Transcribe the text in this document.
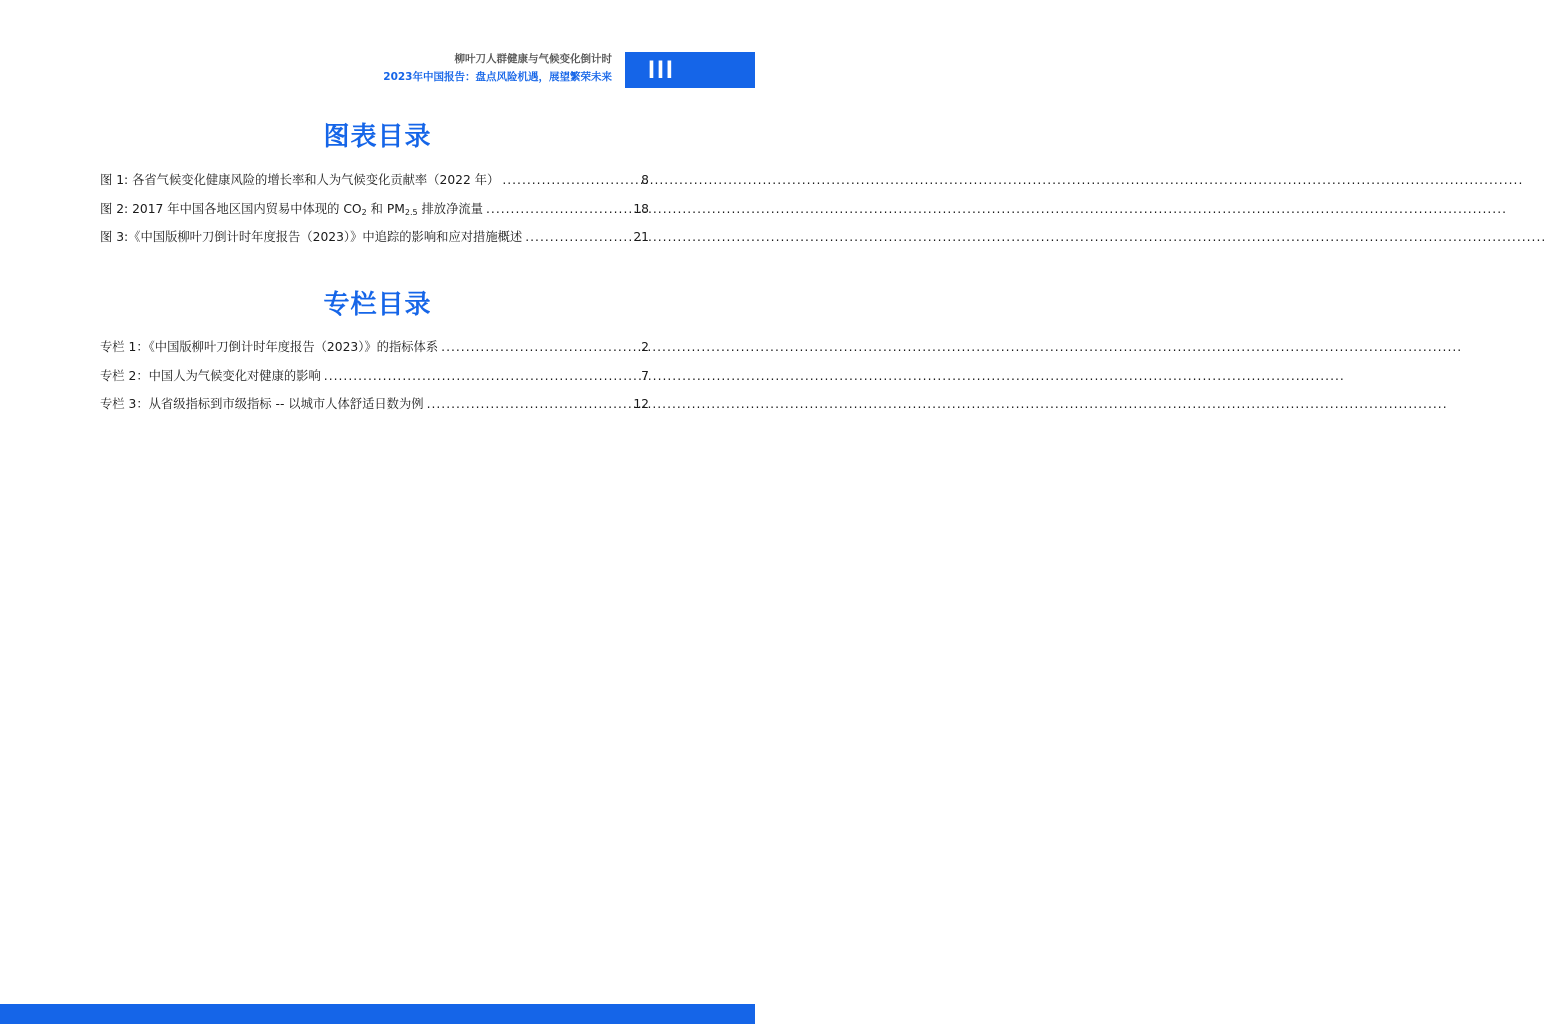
柳叶刀人群健康与气候变化倒计时
2023年中国报告：盘点风险机遇，展望繁荣未来 III
图表目录
图 1: 各省气候变化健康风险的增长率和人为气候变化贡献率（2022 年） .....	8
图 2: 2017 年中国各地区国内贸易中体现的 $CO_2$ 和 $PM_{2.5}$ 排放净流量 .....	18
图 3:《中国版柳叶刀倒计时年度报告（2023）》中追踪的影响和应对措施概述 .....	21
专栏目录
专栏 1：《中国版柳叶刀倒计时年度报告（2023）》的指标体系 .....	2
专栏 2：中国人为气候变化对健康的影响 .....	7
专栏 3：从省级指标到市级指标 -- 以城市人体舒适日数为例 .....	12
